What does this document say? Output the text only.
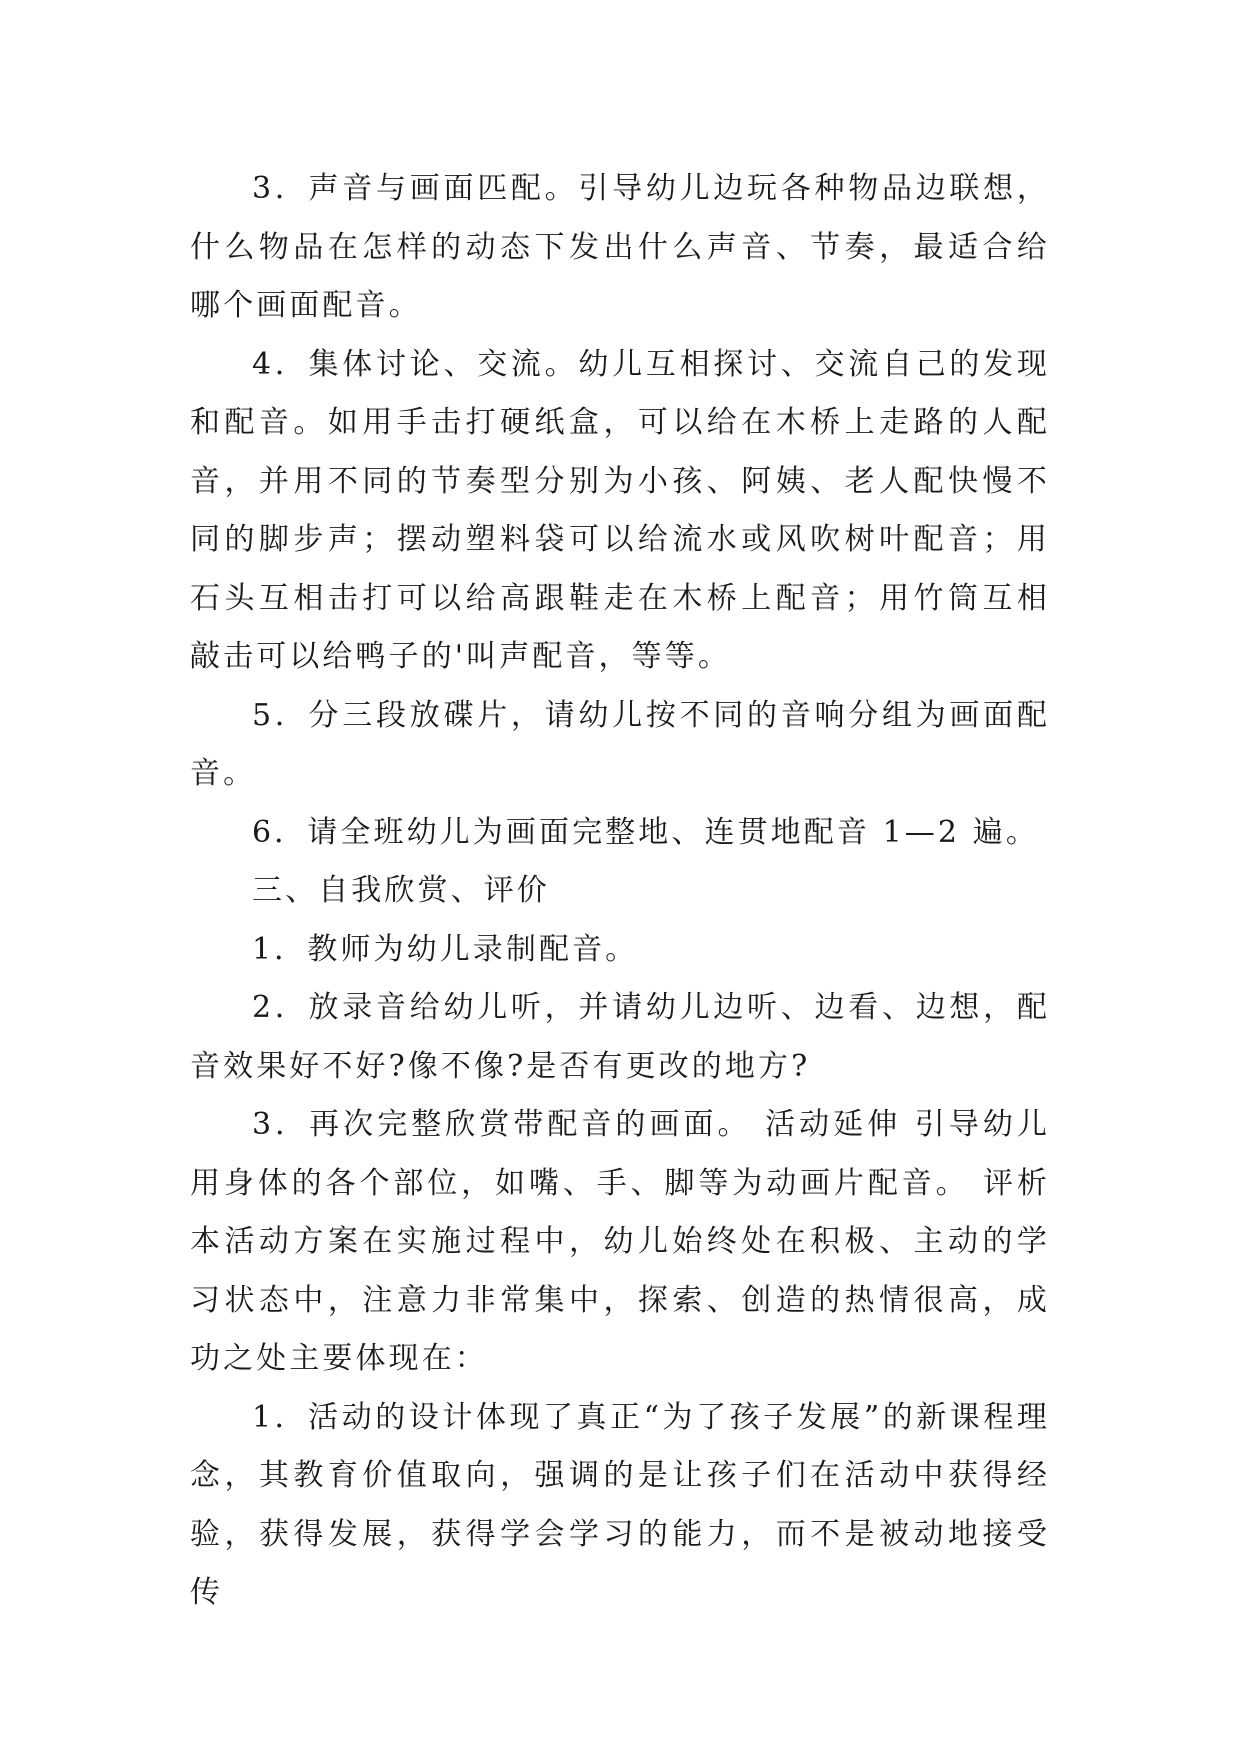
3．声音与画面匹配。引导幼儿边玩各种物品边联想，什么物品在怎样的动态下发出什么声音、节奏，最适合给哪个画面配音。

4．集体讨论、交流。幼儿互相探讨、交流自己的发现和配音。如用手击打硬纸盒，可以给在木桥上走路的人配音，并用不同的节奏型分别为小孩、阿姨、老人配快慢不同的脚步声；摆动塑料袋可以给流水或风吹树叶配音；用石头互相击打可以给高跟鞋走在木桥上配音；用竹筒互相敲击可以给鸭子的'叫声配音，等等。

5．分三段放碟片，请幼儿按不同的音响分组为画面配音。

6．请全班幼儿为画面完整地、连贯地配音 1—2 遍。

三、自我欣赏、评价

1．教师为幼儿录制配音。

2．放录音给幼儿听，并请幼儿边听、边看、边想，配音效果好不好?像不像?是否有更改的地方?

3．再次完整欣赏带配音的画面。 活动延伸 引导幼儿用身体的各个部位，如嘴、手、脚等为动画片配音。 评析 本活动方案在实施过程中，幼儿始终处在积极、主动的学习状态中，注意力非常集中，探索、创造的热情很高，成功之处主要体现在：

1．活动的设计体现了真正“为了孩子发展”的新课程理念，其教育价值取向，强调的是让孩子们在活动中获得经验，获得发展，获得学会学习的能力，而不是被动地接受传
